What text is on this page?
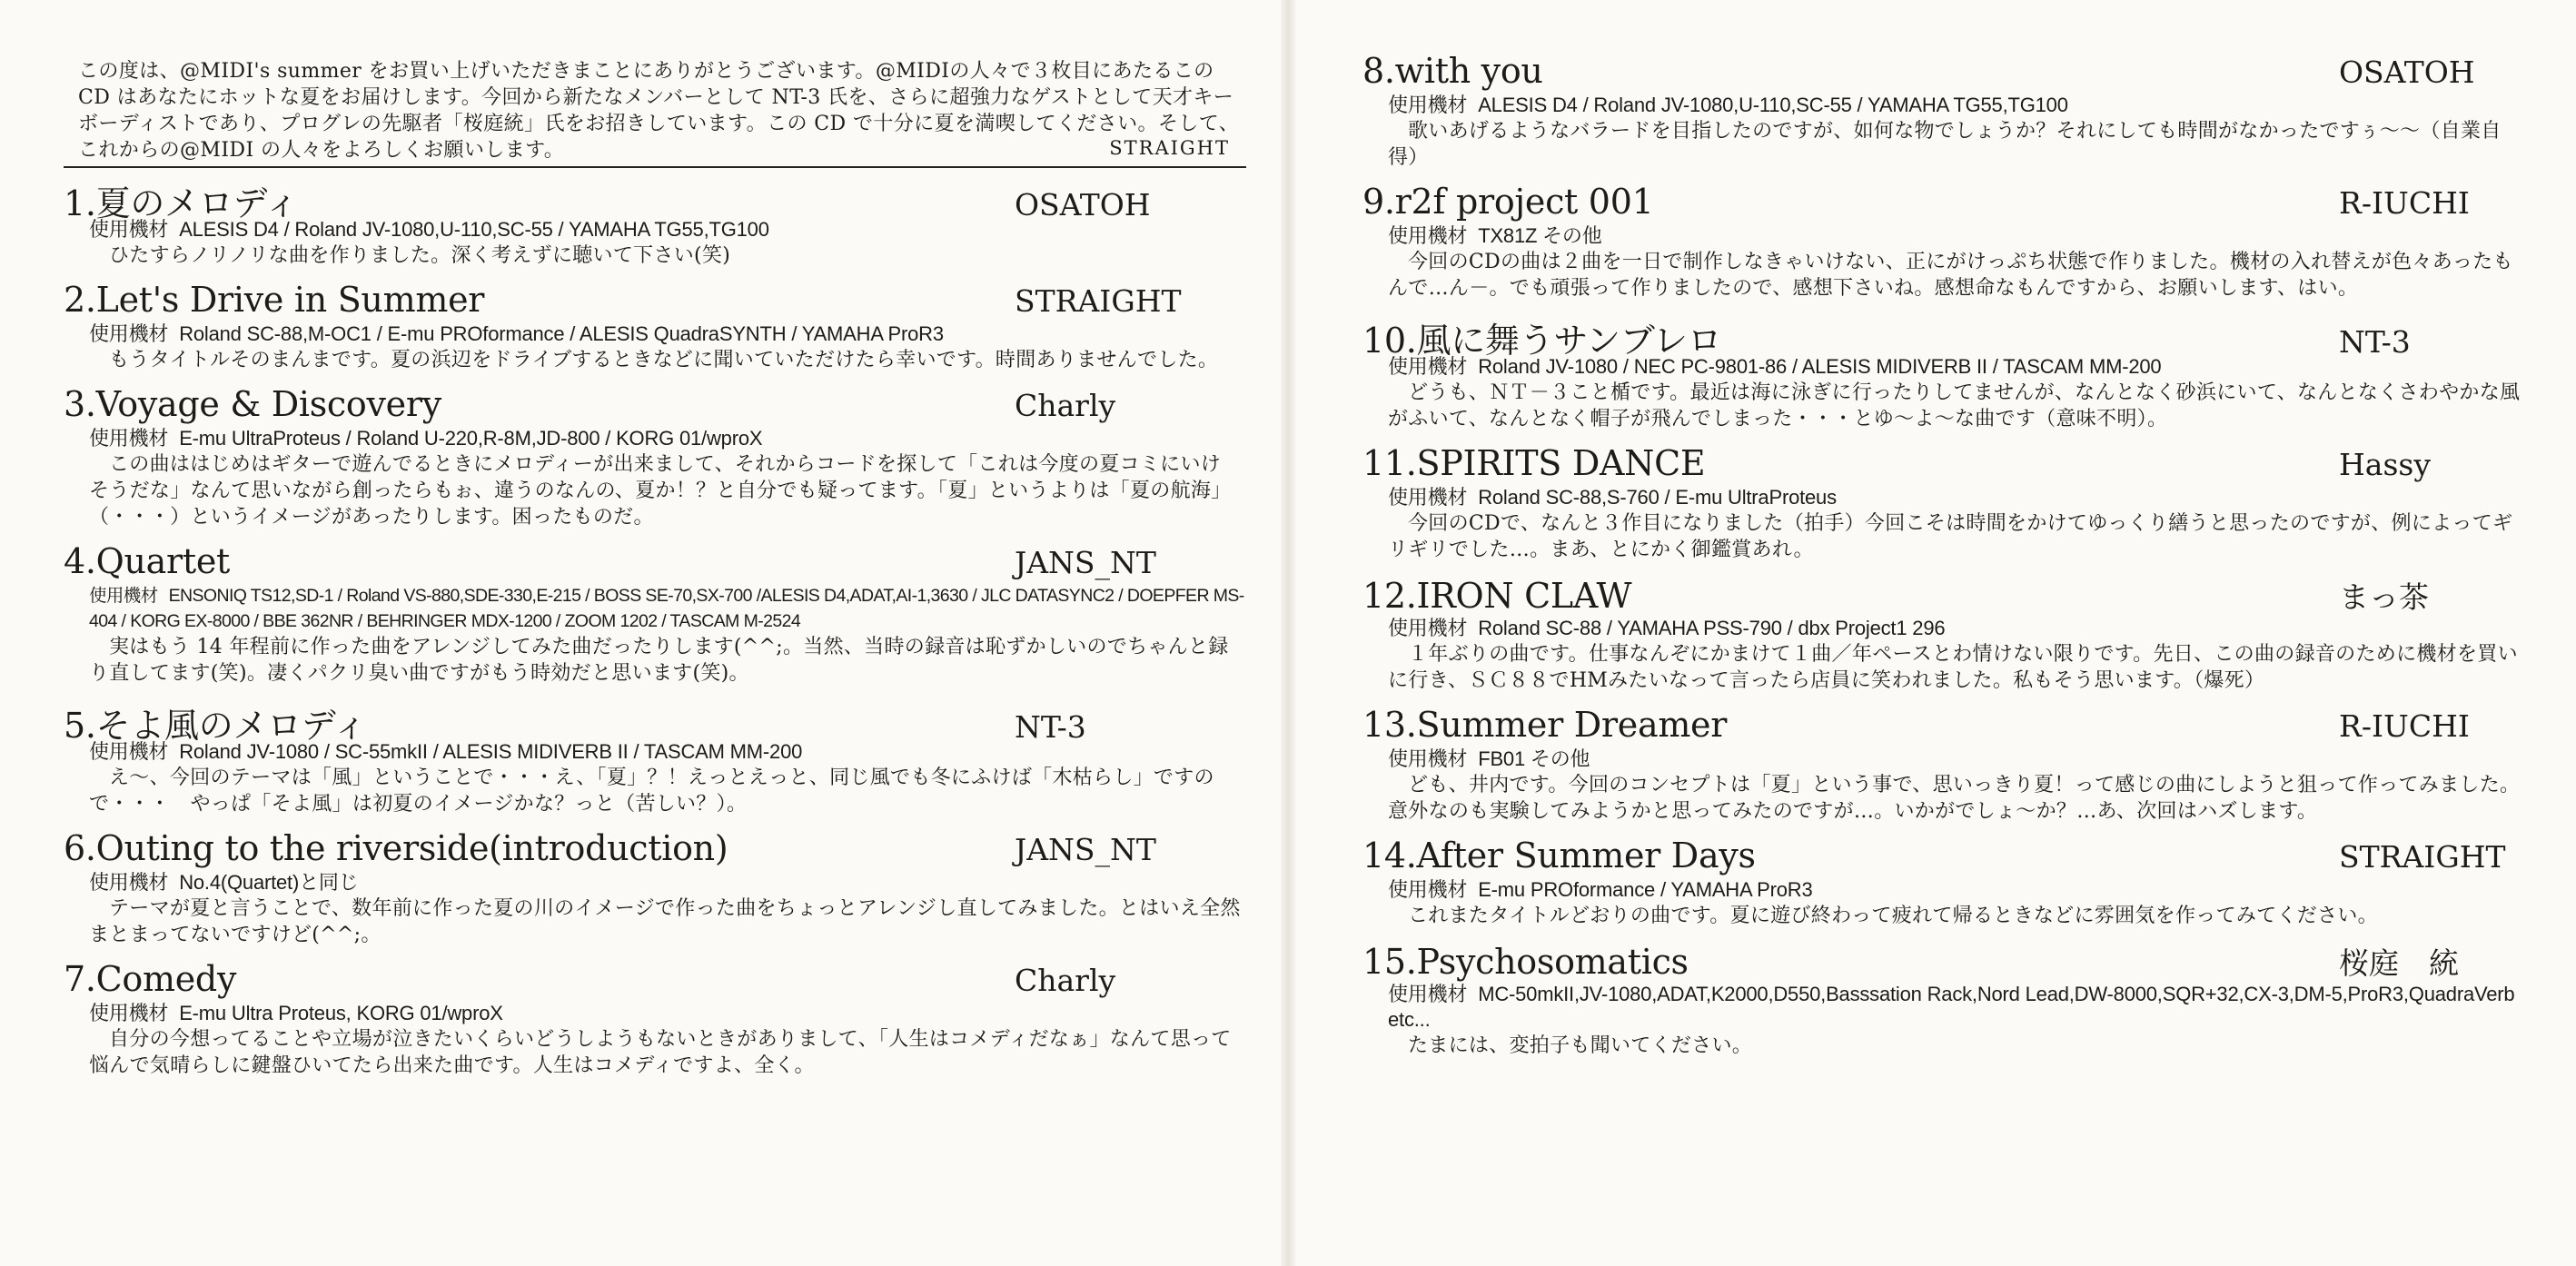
この度は、@MIDI's summer をお買い上げいただきまことにありがとうございます。@MIDIの人々で３枚目にあたるこの CD はあなたにホットな夏をお届けします。今回から新たなメンバーとして NT-3 氏を、さらに超強力なゲストとして天才キーボーディストであり、プログレの先駆者「桜庭統」氏をお招きしています。この CD で十分に夏を満喫してください。そして、これからの@MIDI の人々をよろしくお願いします。	STRAIGHT
1.夏のメロディ	OSATOH
使用機材 ALESIS D4 / Roland JV-1080,U-110,SC-55 / YAMAHA TG55,TG100
ひたすらノリノリな曲を作りました。深く考えずに聴いて下さい(笑)
2.Let's Drive in Summer	STRAIGHT
使用機材 Roland SC-88,M-OC1 / E-mu PROformance / ALESIS QuadraSYNTH / YAMAHA ProR3
もうタイトルそのまんまです。夏の浜辺をドライブするときなどに聞いていただけたら幸いです。時間ありませんでした。
3.Voyage & Discovery	Charly
使用機材 E-mu UltraProteus / Roland U-220,R-8M,JD-800 / KORG 01/wproX
この曲ははじめはギターで遊んでるときにメロディーが出来まして、それからコードを探して「これは今度の夏コミにいけそうだな」なんて思いながら創ったらもぉ、違うのなんの、夏か！？と自分でも疑ってます。「夏」というよりは「夏の航海」（・・・）というイメージがあったりします。困ったものだ。
4.Quartet	JANS_NT
使用機材 ENSONIQ TS12,SD-1 / Roland VS-880,SDE-330,E-215 / BOSS SE-70,SX-700 /ALESIS D4,ADAT,AI-1,3630 / JLC DATASYNC2 / DOEPFER MS-404 / KORG EX-8000 / BBE 362NR / BEHRINGER MDX-1200 / ZOOM 1202 / TASCAM M-2524
実はもう 14 年程前に作った曲をアレンジしてみた曲だったりします(^^;。当然、当時の録音は恥ずかしいのでちゃんと録り直してます(笑)。凄くパクリ臭い曲ですがもう時効だと思います(笑)。
5.そよ風のメロディ	NT-3
使用機材 Roland JV-1080 / SC-55mkII / ALESIS MIDIVERB II / TASCAM MM-200
え～、今回のテーマは「風」ということで・・・え、「夏」？！えっとえっと、同じ風でも冬にふけば「木枯らし」ですので・・・　やっぱ「そよ風」は初夏のイメージかな？っと（苦しい？）。
6.Outing to the riverside(introduction)	JANS_NT
使用機材 No.4(Quartet)と同じ
テーマが夏と言うことで、数年前に作った夏の川のイメージで作った曲をちょっとアレンジし直してみました。とはいえ全然まとまってないですけど(^^;。
7.Comedy	Charly
使用機材 E-mu Ultra Proteus, KORG 01/wproX
自分の今想ってることや立場が泣きたいくらいどうしようもないときがありまして、「人生はコメディだなぁ」なんて思って悩んで気晴らしに鍵盤ひいてたら出来た曲です。人生はコメディですよ、全く。
8.with you	OSATOH
使用機材 ALESIS D4 / Roland JV-1080,U-110,SC-55 / YAMAHA TG55,TG100
歌いあげるようなバラードを目指したのですが、如何な物でしょうか？それにしても時間がなかったですぅ～～（自業自得）
9.r2f project 001	R-IUCHI
使用機材 TX81Z その他
今回のCDの曲は２曲を一日で制作しなきゃいけない、正にがけっぷち状態で作りました。機材の入れ替えが色々あったもんで…ん－。でも頑張って作りましたので、感想下さいね。感想命なもんですから、お願いします、はい。
10.風に舞うサンブレロ	NT-3
使用機材 Roland JV-1080 / NEC PC-9801-86 / ALESIS MIDIVERB II / TASCAM MM-200
どうも、ＮＴ－３こと楯です。最近は海に泳ぎに行ったりしてませんが、なんとなく砂浜にいて、なんとなくさわやかな風がふいて、なんとなく帽子が飛んでしまった・・・とゆ～よ～な曲です（意味不明）。
11.SPIRITS DANCE	Hassy
使用機材 Roland SC-88,S-760 / E-mu UltraProteus
今回のCDで、なんと３作目になりました（拍手）今回こそは時間をかけてゆっくり繕うと思ったのですが、例によってギリギリでした…。まあ、とにかく御鑑賞あれ。
12.IRON CLAW	まっ茶
使用機材 Roland SC-88 / YAMAHA PSS-790 / dbx Project1 296
１年ぶりの曲です。仕事なんぞにかまけて１曲／年ペースとわ情けない限りです。先日、この曲の録音のために機材を買いに行き、ＳＣ８８でHMみたいなって言ったら店員に笑われました。私もそう思います。（爆死）
13.Summer Dreamer	R-IUCHI
使用機材 FB01 その他
ども、井内です。今回のコンセプトは「夏」という事で、思いっきり夏！って感じの曲にしようと狙って作ってみました。意外なのも実験してみようかと思ってみたのですが…。いかがでしょ～か？…あ、次回はハズします。
14.After Summer Days	STRAIGHT
使用機材 E-mu PROformance / YAMAHA ProR3
これまたタイトルどおりの曲です。夏に遊び終わって疲れて帰るときなどに雰囲気を作ってみてください。
15.Psychosomatics	桜庭　統
使用機材 MC-50mkII,JV-1080,ADAT,K2000,D550,Basssation Rack,Nord Lead,DW-8000,SQR+32,CX-3,DM-5,ProR3,QuadraVerb etc...
たまには、変拍子も聞いてください。
